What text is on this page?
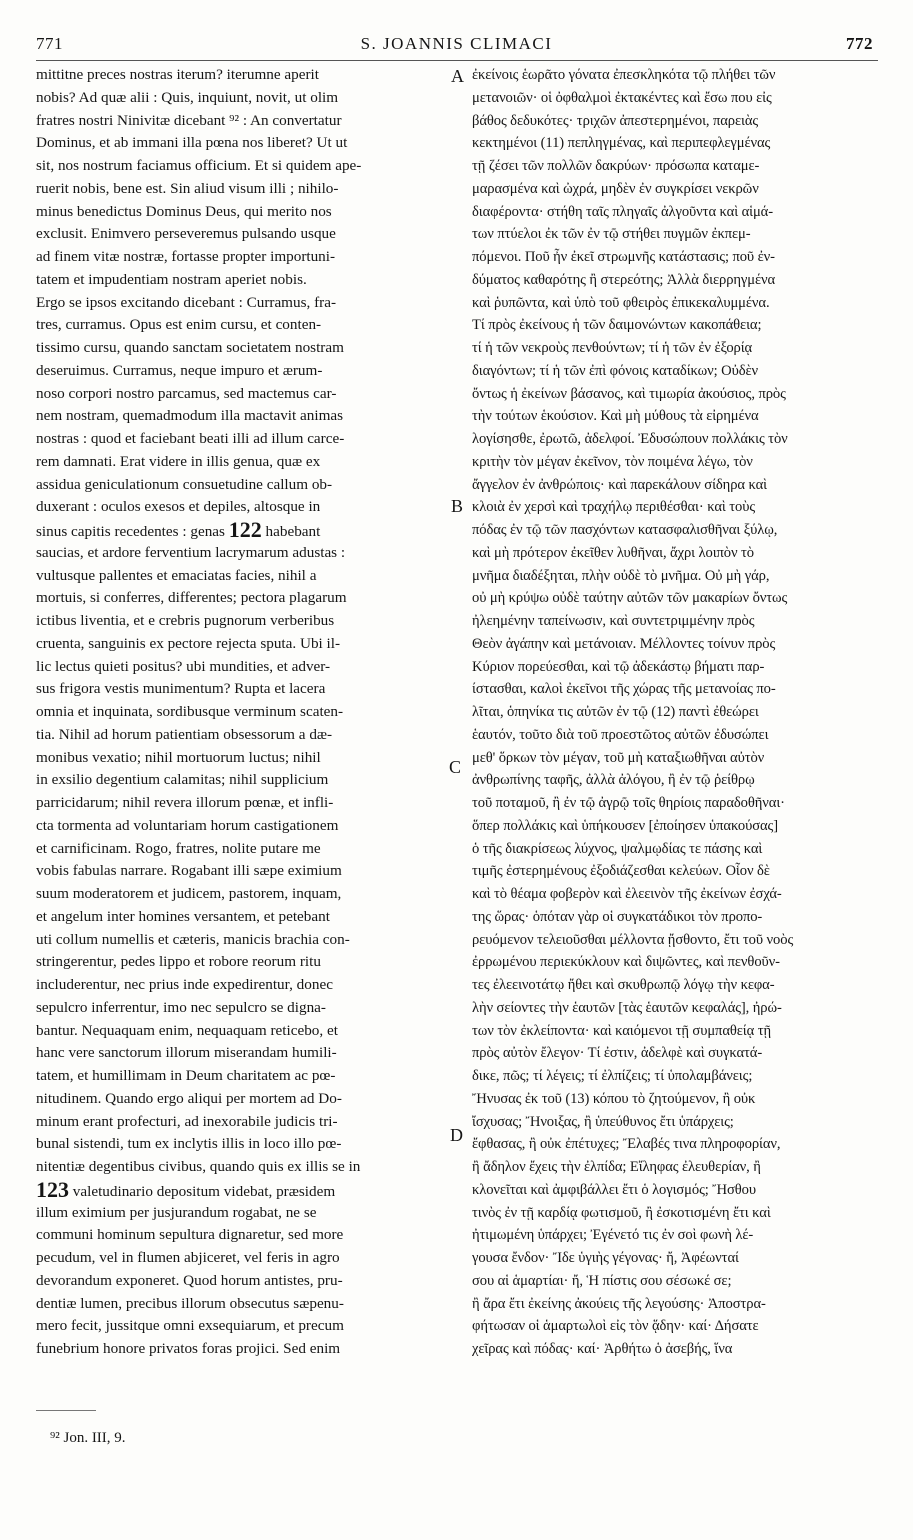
771	S. JOANNIS CLIMACI	772
mittitne preces nostras iterum? iterumne aperit
nobis? Ad quæ alii : Quis, inquiunt, novit, ut olim
fratres nostri Ninivitæ dicebant ⁹² : An convertatur
Dominus, et ab immani illa pœna nos liberet? Ut ut
sit, nos nostrum faciamus officium. Et si quidem ape-
ruerit nobis, bene est. Sin aliud visum illi ; nihilo-
minus benedictus Dominus Deus, qui merito nos
exclusit. Enimvero perseveremus pulsando usque
ad finem vitæ nostræ, fortasse propter importuni-
tatem et impudentiam nostram aperiet nobis.
Ergo se ipsos excitando dicebant : Curramus, fra-
tres, curramus. Opus est enim cursu, et conten-
tissimo cursu, quando sanctam societatem nostram
deseruimus. Curramus, neque impuro et ærum-
noso corpori nostro parcamus, sed mactemus car-
nem nostram, quemadmodum illa mactavit animas
nostras : quod et faciebant beati illi ad illum carce-
rem damnati. Erat videre in illis genua, quæ ex
assidua geniculationum consuetudine callum ob-
duxerant : oculos exesos et depiles, altosque in
sinus capitis recedentes : genas 122 habebant
saucias, et ardore ferventium lacrymarum adustas :
vultusque pallentes et emaciatas facies, nihil a
mortuis, si conferres, differentes; pectora plagarum
ictibus liventia, et e crebris pugnorum verberibus
cruenta, sanguinis ex pectore rejecta sputa. Ubi il-
lic lectus quieti positus? ubi mundities, et adver-
sus frigora vestis munimentum? Rupta et lacera
omnia et inquinata, sordibusque verminum scaten-
tia. Nihil ad horum patientiam obsessorum a dæ-
monibus vexatio; nihil mortuorum luctus; nihil
in exsilio degentium calamitas; nihil supplicium
parricidarum; nihil revera illorum pœnæ, et infli-
cta tormenta ad voluntariam horum castigationem
et carnificinam. Rogo, fratres, nolite putare me
vobis fabulas narrare. Rogabant illi sæpe eximium
suum moderatorem et judicem, pastorem, inquam,
et angelum inter homines versantem, et petebant
uti collum numellis et cæteris, manicis brachia con-
stringerentur, pedes lippo et robore reorum ritu
includerentur, nec prius inde expedirentur, donec
sepulcro inferrentur, imo nec sepulcro se digna-
bantur. Nequaquam enim, nequaquam reticebo, et
hanc vere sanctorum illorum miserandam humili-
tatem, et humillimam in Deum charitatem ac pœ-
nitudinem. Quando ergo aliqui per mortem ad Do-
minum erant profecturi, ad inexorabile judicis tri-
bunal sistendi, tum ex inclytis illis in loco illo pœ-
nitentiæ degentibus civibus, quando quis ex illis se in
123 valetudinario depositum videbat, præsidem
illum eximium per jusjurandum rogabat, ne se
communi hominum sepultura dignaretur, sed more
pecudum, vel in flumen abjiceret, vel feris in agro
devorandum exponeret. Quod horum antistes, pru-
dentiæ lumen, precibus illorum obsecutus sæpenu-
mero fecit, jussitque omni exsequiarum, et precum
funebrium honore privatos foras projici. Sed enim
ἐκείνοις ἑωρᾶτο γόνατα ἐπεσκληκότα τῷ πλήθει τῶν
μετανοιῶν· οἱ ὀφθαλμοὶ ἐκτακέντες καὶ ἔσω που εἰς
βάθος δεδυκότες· τριχῶν ἀπεστερημένοι, παρειὰς
κεκτημένοι (11) πεπληγμένας, καὶ περιπεφλεγμένας
τῇ ζέσει τῶν πολλῶν δακρύων· πρόσωπα καταμε-
μαρασμένα καὶ ὠχρά, μηδὲν ἐν συγκρίσει νεκρῶν
διαφέροντα· στήθη ταῖς πληγαῖς ἀλγοῦντα καὶ αἱμά-
των πτύελοι ἐκ τῶν ἐν τῷ στήθει πυγμῶν ἐκπεμ-
πόμενοι. Ποῦ ἦν ἐκεῖ στρωμνῆς κατάστασις; ποῦ ἐν-
δύματος καθαρότης ἢ στερεότης; Ἀλλὰ διερρηγμένα
καὶ ῥυπῶντα, καὶ ὑπὸ τοῦ φθειρὸς ἐπικεκαλυμμένα.
Τί πρὸς ἐκείνους ἡ τῶν δαιμονώντων κακοπάθεια;
τί ἡ τῶν νεκροὺς πενθούντων; τί ἡ τῶν ἐν ἐξορίᾳ
διαγόντων; τί ἡ τῶν ἐπὶ φόνοις καταδίκων; Οὐδὲν
ὄντως ἡ ἐκείνων βάσανος, καὶ τιμωρία ἀκούσιος, πρὸς
τὴν τούτων ἑκούσιον. Καὶ μὴ μύθους τὰ εἰρημένα
λογίσησθε, ἐρωτῶ, ἀδελφοί. Ἐδυσώπουν πολλάκις τὸν
κριτὴν τὸν μέγαν ἐκεῖνον, τὸν ποιμένα λέγω, τὸν
ἄγγελον ἐν ἀνθρώποις· καὶ παρεκάλουν σίδηρα καὶ
κλοιὰ ἐν χερσὶ καὶ τραχήλῳ περιθέσθαι· καὶ τοὺς
πόδας ἐν τῷ τῶν πασχόντων κατασφαλισθῆναι ξύλῳ,
καὶ μὴ πρότερον ἐκεῖθεν λυθῆναι, ἄχρι λοιπὸν τὸ
μνῆμα διαδέξηται, πλὴν οὐδὲ τὸ μνῆμα. Οὐ μὴ γάρ,
οὐ μὴ κρύψω οὐδὲ ταύτην αὐτῶν τῶν μακαρίων ὄντως
ἠλεημένην ταπείνωσιν, καὶ συντετριμμένην πρὸς
Θεὸν ἀγάπην καὶ μετάνοιαν. Μέλλοντες τοίνυν πρὸς
Κύριον πορεύεσθαι, καὶ τῷ ἀδεκάστῳ βήματι παρ-
ίστασθαι, καλοὶ ἐκεῖνοι τῆς χώρας τῆς μετανοίας πο-
λῖται, ὁπηνίκα τις αὐτῶν ἐν τῷ (12) παντὶ ἐθεώρει
ἑαυτόν, τοῦτο διὰ τοῦ προεστῶτος αὐτῶν ἐδυσώπει
μεθ' ὅρκων τὸν μέγαν, τοῦ μὴ καταξιωθῆναι αὐτὸν
ἀνθρωπίνης ταφῆς, ἀλλὰ ἀλόγου, ἢ ἐν τῷ ῥείθρῳ
τοῦ ποταμοῦ, ἢ ἐν τῷ ἀγρῷ τοῖς θηρίοις παραδοθῆναι·
ὅπερ πολλάκις καὶ ὑπήκουσεν [ἐποίησεν ὑπακούσας]
ὁ τῆς διακρίσεως λύχνος, ψαλμῳδίας τε πάσης καὶ
τιμῆς ἐστερημένους ἐξοδιάζεσθαι κελεύων. Οἷον δὲ
καὶ τὸ θέαμα φοβερὸν καὶ ἐλεεινὸν τῆς ἐκείνων ἐσχά-
της ὥρας· ὁπόταν γὰρ οἱ συγκατάδικοι τὸν προπο-
ρευόμενον τελειοῦσθαι μέλλοντα ᾔσθοντο, ἔτι τοῦ νοὸς
ἐρρωμένου περιεκύκλουν καὶ διψῶντες, καὶ πενθοῦν-
τες ἐλεεινοτάτῳ ἤθει καὶ σκυθρωπῷ λόγῳ τὴν κεφα-
λὴν σείοντες τὴν ἑαυτῶν [τὰς ἑαυτῶν κεφαλάς], ἠρώ-
των τὸν ἐκλείποντα· καὶ καιόμενοι τῇ συμπαθείᾳ τῇ
πρὸς αὐτὸν ἔλεγον· Τί ἐστιν, ἀδελφὲ καὶ συγκατά-
δικε, πῶς; τί λέγεις; τί ἐλπίζεις; τί ὑπολαμβάνεις;
Ἤνυσας ἐκ τοῦ (13) κόπου τὸ ζητούμενον, ἢ οὐκ
ἴσχυσας; Ἤνοιξας, ἢ ὑπεύθυνος ἔτι ὑπάρχεις;
ἔφθασας, ἢ οὐκ ἐπέτυχες; Ἔλαβές τινα πληροφορίαν,
ἢ ἄδηλον ἔχεις τὴν ἐλπίδα; Εἴληφας ἐλευθερίαν, ἢ
κλονεῖται καὶ ἀμφιβάλλει ἔτι ὁ λογισμός; Ἤσθου
τινὸς ἐν τῇ καρδίᾳ φωτισμοῦ, ἢ ἐσκοτισμένη ἔτι καὶ
ἠτιμωμένη ὑπάρχει; Ἐγένετό τις ἐν σοὶ φωνὴ λέ-
γουσα ἔνδον· Ἴδε ὑγιὴς γέγονας· ἤ, Ἀφέωνταί
σου αἱ ἁμαρτίαι· ἤ, Ἡ πίστις σου σέσωκέ σε;
ἢ ἄρα ἔτι ἐκείνης ἀκούεις τῆς λεγούσης· Ἀποστρα-
φήτωσαν οἱ ἁμαρτωλοὶ εἰς τὸν ᾅδην· καί· Δήσατε
χεῖρας καὶ πόδας· καί· Ἀρθήτω ὁ ἀσεβής, ἵνα
A
B
C
D
⁹² Jon. III, 9.
